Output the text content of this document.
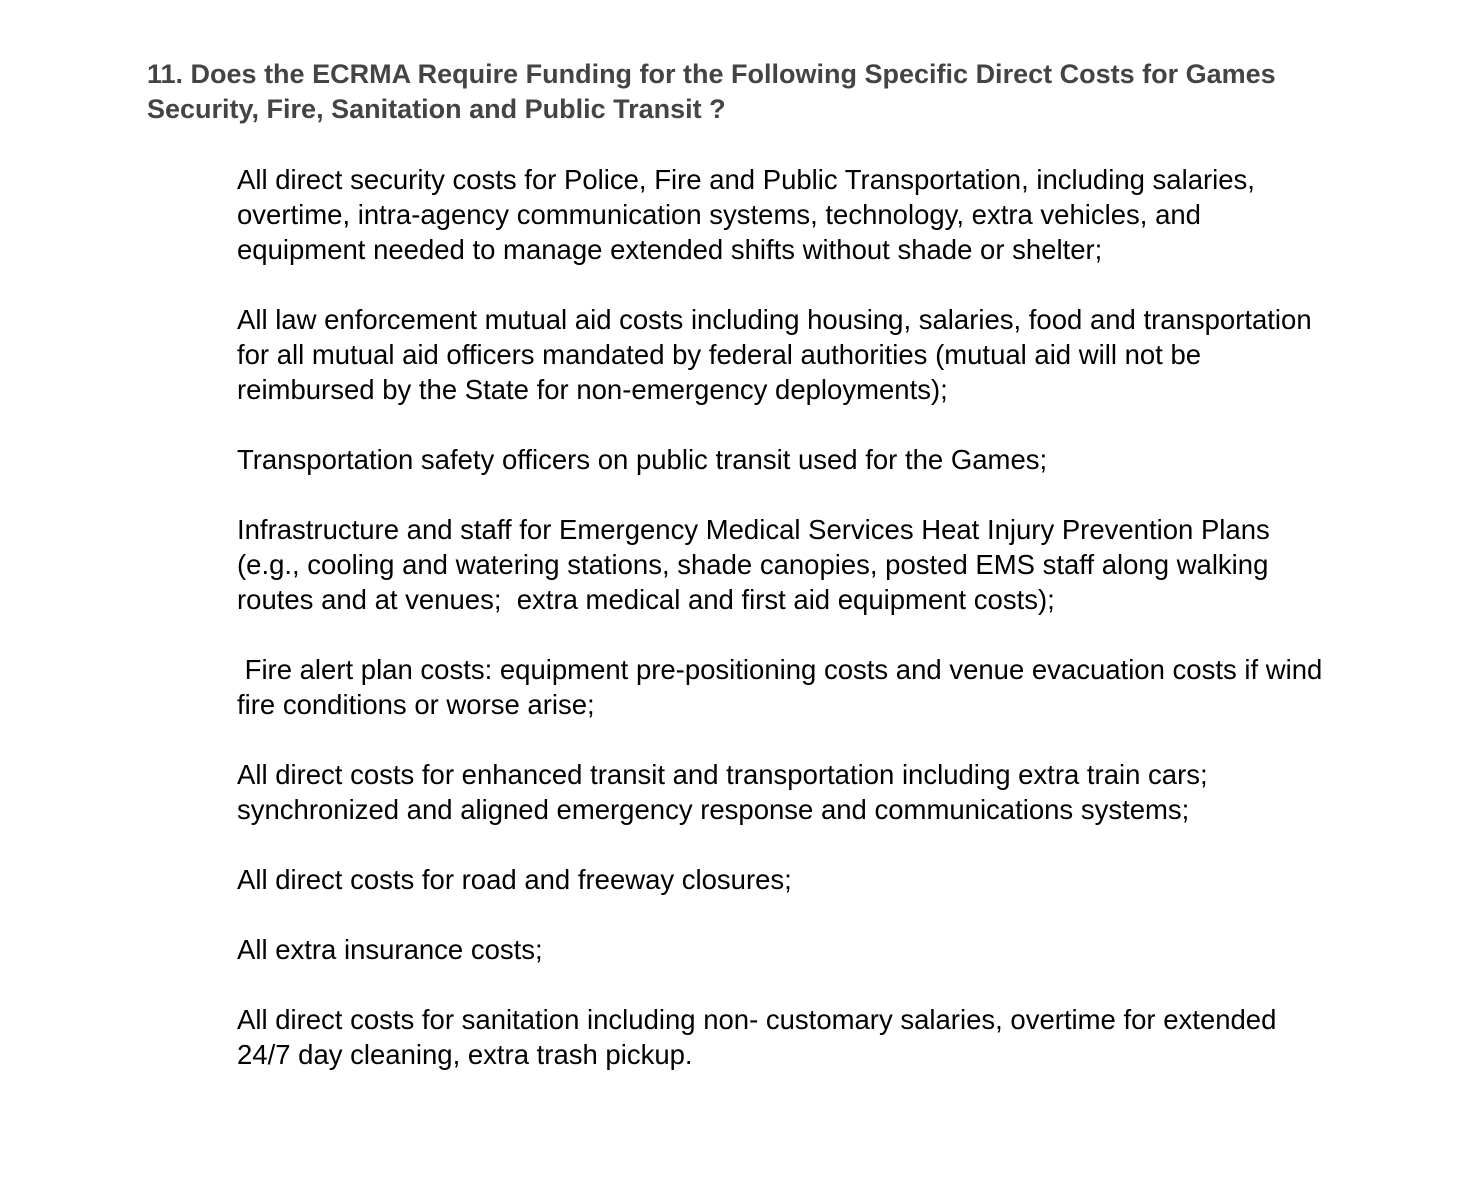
11. Does the ECRMA Require Funding for the Following Specific Direct Costs for Games Security, Fire, Sanitation and Public Transit ?
All direct security costs for Police, Fire and Public Transportation, including salaries, overtime, intra-agency communication systems, technology, extra vehicles, and equipment needed to manage extended shifts without shade or shelter;
All law enforcement mutual aid costs including housing, salaries, food and transportation for all mutual aid officers mandated by federal authorities (mutual aid will not be reimbursed by the State for non-emergency deployments);
Transportation safety officers on public transit used for the Games;
Infrastructure and staff for Emergency Medical Services Heat Injury Prevention Plans (e.g., cooling and watering stations, shade canopies, posted EMS staff along walking  routes and at venues;  extra medical and first aid equipment costs);
Fire alert plan costs: equipment pre-positioning costs and venue evacuation costs if wind fire conditions or worse arise;
All direct costs for enhanced transit and transportation including extra train cars; synchronized and aligned emergency response and communications systems;
All direct costs for road and freeway closures;
All extra insurance costs;
All direct costs for sanitation including non- customary salaries, overtime for extended 24/7 day cleaning, extra trash pickup.
